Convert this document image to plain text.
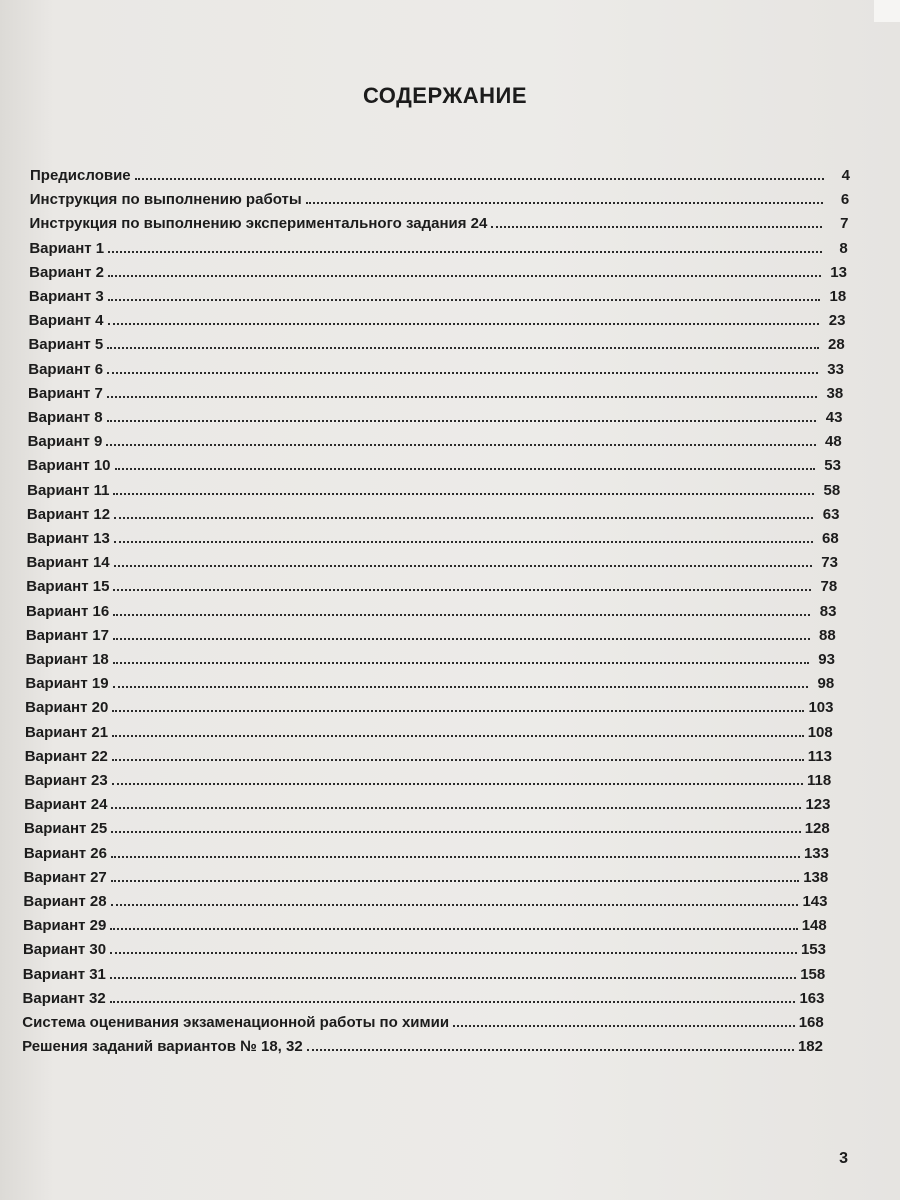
СОДЕРЖАНИЕ
Предисловие	4
Инструкция по выполнению работы	6
Инструкция по выполнению экспериментального задания 24	7
Вариант 1	8
Вариант 2	13
Вариант 3	18
Вариант 4	23
Вариант 5	28
Вариант 6	33
Вариант 7	38
Вариант 8	43
Вариант 9	48
Вариант 10	53
Вариант 11	58
Вариант 12	63
Вариант 13	68
Вариант 14	73
Вариант 15	78
Вариант 16	83
Вариант 17	88
Вариант 18	93
Вариант 19	98
Вариант 20	103
Вариант 21	108
Вариант 22	113
Вариант 23	118
Вариант 24	123
Вариант 25	128
Вариант 26	133
Вариант 27	138
Вариант 28	143
Вариант 29	148
Вариант 30	153
Вариант 31	158
Вариант 32	163
Система оценивания экзаменационной работы по химии	168
Решения заданий вариантов № 18, 32	182
3
